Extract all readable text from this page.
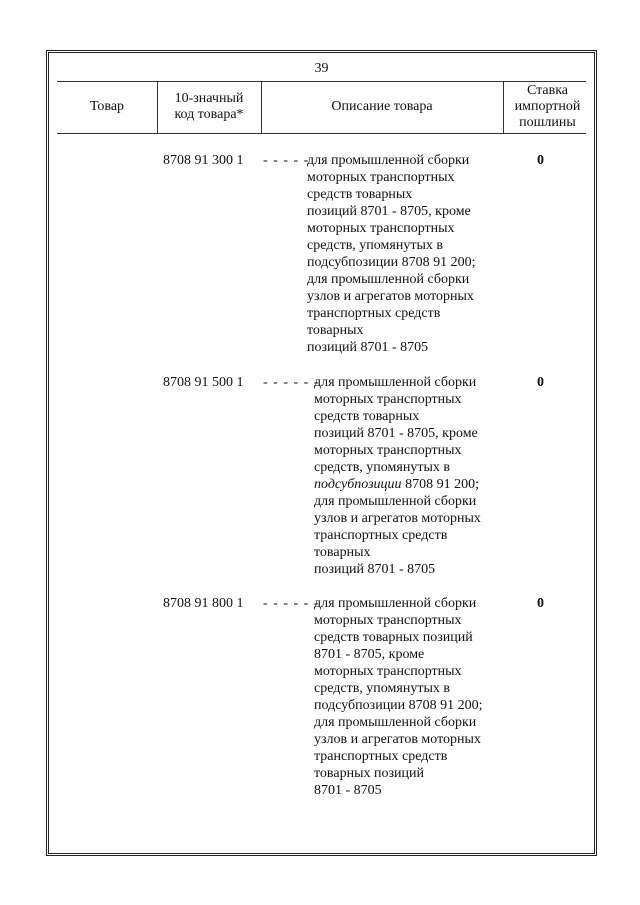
39
Товар
10-значный
код товара*
Описание товара
Ставка
импортной
пошлины
8708 91 300 1 - - - - -
для промышленной сборки
моторных транспортных
средств товарных
позиций 8701 - 8705, кроме
моторных транспортных
средств, упомянутых в
подсубпозиции 8708 91 200;
для промышленной сборки
узлов и агрегатов моторных
транспортных средств
товарных
позиций 8701 - 8705
0
8708 91 500 1 - - - - - -
для промышленной сборки
моторных транспортных
средств товарных
позиций 8701 - 8705, кроме
моторных транспортных
средств, упомянутых в
подсубпозиции 8708 91 200;
для промышленной сборки
узлов и агрегатов моторных
транспортных средств
товарных
позиций 8701 - 8705
0
8708 91 800 1 - - - - - -
для промышленной сборки
моторных транспортных
средств товарных позиций
8701 - 8705, кроме
моторных транспортных
средств, упомянутых в
подсубпозиции 8708 91 200;
для промышленной сборки
узлов и агрегатов моторных
транспортных средств
товарных позиций
8701 - 8705
0
